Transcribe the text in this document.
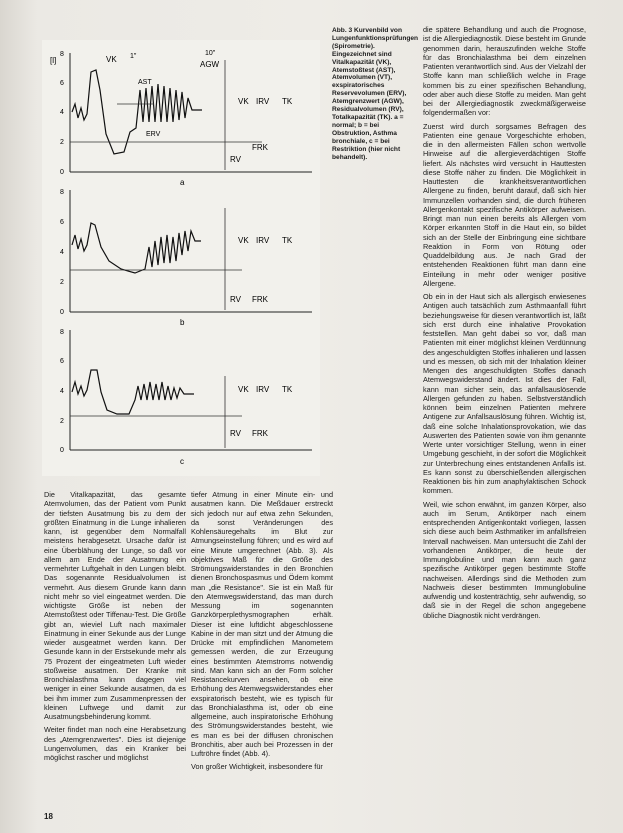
[l]
8
6
4
2
0
VK 1"
AST
ERV
10"
AGW
VK IRV TK
FRK
RV
a
8
6
4
2
0
VK IRV TK
RV FRK
b
8
6
4
2
0
VK IRV TK
RV FRK
c
Abb. 3 Kurvenbild von Lungenfunktionsprüfungen (Spirometrie). Eingezeichnet sind Vitalkapazität (VK), Atemstoßtest (AST), Atemvolumen (VT), exspiratorisches Reservevolumen (ERV), Atemgrenzwert (AGW), Residualvolumen (RV), Totalkapazität (TK). a = normal; b = bei Obstruktion, Asthma bronchiale, c = bei Restriktion (hier nicht behandelt).

Die Vitalkapazität, das gesamte Atemvolumen, das der Patient vom Punkt der tiefsten Ausatmung bis zu dem der größten Einatmung in die Lunge inhalieren kann, ist gegenüber dem Normalfall meistens herabgesetzt. Ursache dafür ist eine Überblähung der Lunge, so daß vor allem am Ende der Ausatmung ein vermehrter Luftgehalt in den Lungen bleibt. Das sogenannte Residualvolumen ist vermehrt. Aus diesem Grunde kann dann nicht mehr so viel eingeatmet werden. Die wichtigste Größe ist neben der Atemstoßtest oder Tiffenau-Test. Die Größe gibt an, wieviel Luft nach maximaler Einatmung in einer Sekunde aus der Lunge wieder ausgeatmet werden kann. Der Gesunde kann in der Erstsekunde mehr als 75 Prozent der eingeatmeten Luft wieder stoßweise ausatmen. Der Kranke mit Bronchialasthma kann dagegen viel weniger in einer Sekunde ausatmen, da es bei ihm immer zum Zusammenpressen der kleinen Luftwege und damit zur Ausatmungsbehinderung kommt.

Weiter findet man noch eine Herabsetzung des „Atemgrenzwertes". Dies ist diejenige Lungenvolumen, das ein Kranker bei möglichst rascher und möglichst

tiefer Atmung in einer Minute ein- und ausatmen kann. Die Meßdauer erstreckt sich jedoch nur auf etwa zehn Sekunden, da sonst Veränderungen des Kohlensäuregehalts im Blut zur Atmungseinstellung führen; und es wird auf eine Minute umgerechnet (Abb. 3). Als objektives Maß für die Größe des Strömungswiderstandes in den Bronchien dienen Bronchospasmus und Ödem kommt man „die Resistance". Sie ist ein Maß für den Atemwegswiderstand, das man durch Messung im sogenannten Ganzkörperplethysmographen erhält. Dieser ist eine luftdicht abgeschlossene Kabine in der man sitzt und der Atmung die Drücke mit empfindlichen Manometern gemessen werden, die zur Erzeugung eines bestimmten Atemstroms notwendig sind. Man kann sich an der Form solcher Resistancekurven ansehen, ob eine Erhöhung des Atemwegswiderstandes eher exspiratorisch besteht, wie es typisch für das Bronchialasthma ist, oder ob eine allgemeine, auch inspiratorische Erhöhung des Strömungswiderstandes besteht, wie es man es bei der diffusen chronischen Bronchitis, aber auch bei Prozessen in der Luftröhre findet (Abb. 4).

Von großer Wichtigkeit, insbesondere für

die spätere Behandlung und auch die Prognose, ist die Allergiediagnostik. Diese besteht im Grunde genommen darin, herauszufinden welche Stoffe für das Bronchialasthma bei dem einzelnen Patienten verantwortlich sind. Aus der Vielzahl der Stoffe kann man schließlich welche in Frage kommen bis zu einer spezifischen Behandlung, oder aber auch diese Stoffe zu meiden. Man geht bei der Allergiediagnostik zweckmäßigerweise folgendermaßen vor:

Zuerst wird durch sorgsames Befragen des Patienten eine genaue Vorgeschichte erhoben, die in den allermeisten Fällen schon wertvolle Hinweise auf die allergieverdächtigen Stoffe liefert. Als nächstes wird versucht in Hauttesten diese Stoffe näher zu finden. Die Möglichkeit in Hauttesten die krankheitsverantwortlichen Allergene zu finden, beruht darauf, daß sich hier Immunzellen vorhanden sind, die durch früheren Allergenkontakt spezifische Antikörper aufweisen. Bringt man nun einen bereits als Allergen vom Körper erkannten Stoff in die Haut ein, so bildet sich an der Stelle der Einbringung eine sichtbare Reaktion in Form von Rötung oder Quaddelbildung aus. Je nach Grad der entstehenden Reaktionen führt man dann eine Einteilung in mehr oder weniger positive Allergene.

Ob ein in der Haut sich als allergisch erwiesenes Antigen auch tatsächlich zum Asthmaanfall führt beziehungsweise für diesen verantwortlich ist, läßt sich erst durch eine inhalative Provokation feststellen. Man geht dabei so vor, daß man Patienten mit einer möglichst kleinen Verdünnung des angeschuldigten Stoffes inhalieren und lassen und es messen, ob sich mit der Inhalation kleiner Mengen des angeschuldigten Stoffes danach Atemwegswiderstand ändert. Ist dies der Fall, kann man sicher sein, das anfallsauslösende Allergen gefunden zu haben. Selbstverständlich können beim einzelnen Patienten mehrere Antigene zur Anfallsauslösung führen. Wichtig ist, daß eine solche Inhalationsprovokation, wie das Auswerten des Patienten sowie von ihm genannte Werte unter vorsichtiger Stellung, wenn in einer Umgebung geschieht, in der sofort die Möglichkeit zur Unterbrechung eines entstandenen Anfalls ist. Es kann sonst zu überschießenden allergischen Reaktionen bis hin zum anaphylaktischen Schock kommen.

Weil, wie schon erwähnt, im ganzen Körper, also auch im Serum, Antikörper nach einem entsprechenden Antigenkontakt vorliegen, lassen sich diese auch beim Asthmatiker im anfallsfreien Intervall nachweisen. Man untersucht die Zahl der vorhandenen Antikörper, die heute der Immunglobuline und man kann auch ganz spezifische Antikörper gegen bestimmte Stoffe nachweisen. Allerdings sind die Methoden zum Nachweis dieser bestimmten Immunglobuline aufwendig und kostenträchtig, sehr aufwendig, so daß sie in der Regel die schon angegebene übliche Diagnostik nicht verdrängen.

18
